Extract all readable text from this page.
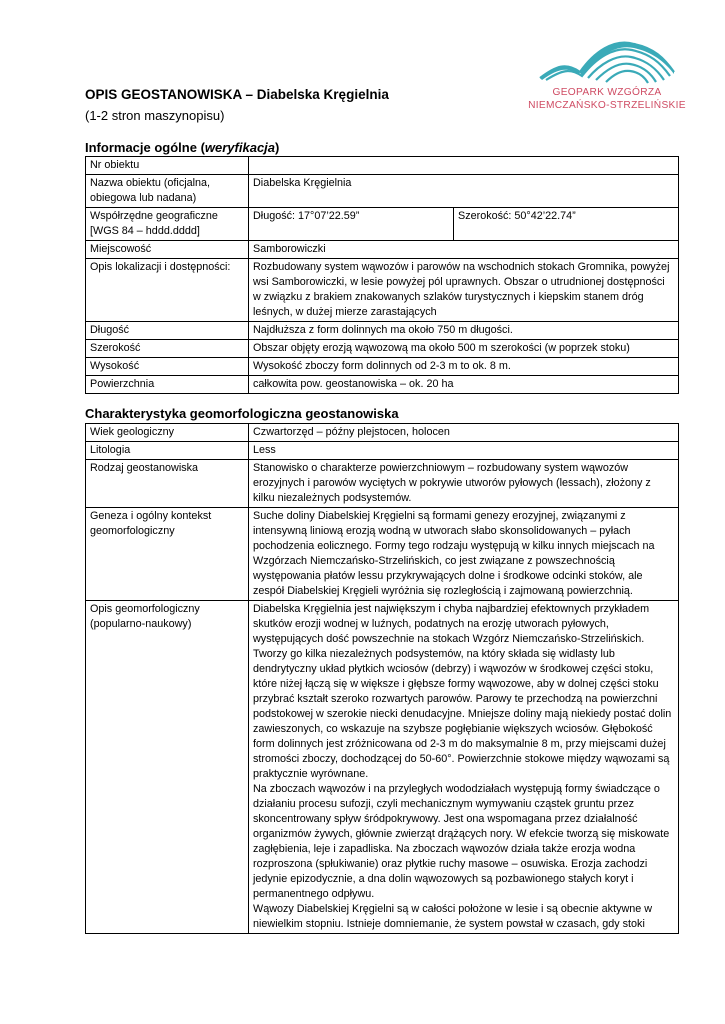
GEOPARK WZGÓRZA
NIEMCZAŃSKO-STRZELIŃSKIE
OPIS GEOSTANOWISKA – Diabelska Kręgielnia
(1-2 stron maszynopisu)
Informacje ogólne (weryfikacja)
Nr obiektu		
Nazwa obiektu (oficjalna, obiegowa lub nadana)	Diabelska Kręgielnia	
Współrzędne geograficzne [WGS 84 – hddd.dddd]	Długość: 17°07’22.59”	Szerokość: 50°42’22.74”
Miejscowość	Samborowiczki	
Opis lokalizacji i dostępności:	Rozbudowany system wąwozów i parowów na wschodnich stokach Gromnika, powyżej wsi Samborowiczki, w lesie powyżej pól uprawnych. Obszar o utrudnionej dostępności w związku z brakiem znakowanych szlaków turystycznych i kiepskim stanem dróg leśnych, w dużej mierze zarastających	
Długość	Najdłuższa z form dolinnych ma około 750 m długości.	
Szerokość	Obszar objęty erozją wąwozową ma około 500 m szerokości (w poprzek stoku)	
Wysokość	Wysokość zboczy form dolinnych od 2-3 m to ok. 8 m.	
Powierzchnia	całkowita pow. geostanowiska – ok. 20 ha	
Charakterystyka geomorfologiczna geostanowiska
Wiek geologiczny	Czwartorzęd – późny plejstocen, holocen
Litologia	Less
Rodzaj geostanowiska	Stanowisko o charakterze powierzchniowym – rozbudowany system wąwozów erozyjnych i parowów wyciętych w pokrywie utworów pyłowych (lessach), złożony z kilku niezależnych podsystemów.
Geneza i ogólny kontekst geomorfologiczny	Suche doliny Diabelskiej Kręgielni są formami genezy erozyjnej, związanymi z intensywną liniową erozją wodną w utworach słabo skonsolidowanych – pyłach pochodzenia eolicznego. Formy tego rodzaju występują w kilku innych miejscach na Wzgórzach Niemczańsko-Strzelińskich, co jest związane z powszechnością występowania płatów lessu przykrywających dolne i środkowe odcinki stoków, ale zespół Diabelskiej Kręgieli wyróżnia się rozległością i zajmowaną powierzchnią.
Opis geomorfologiczny (popularno-naukowy)	Diabelska Kręgielnia jest największym i chyba najbardziej efektownych przykładem skutków erozji wodnej w luźnych, podatnych na erozję utworach pyłowych, występujących dość powszechnie na stokach Wzgórz Niemczańsko-Strzelińskich. Tworzy go kilka niezależnych podsystemów, na który składa się widlasty lub dendrytyczny układ płytkich wciosów (debrzy) i wąwozów w środkowej części stoku, które niżej łączą się w większe i głębsze formy wąwozowe, aby w dolnej części stoku przybrać kształt szeroko rozwartych parowów. Parowy te przechodzą na powierzchni podstokowej w szerokie niecki denudacyjne. Mniejsze doliny mają niekiedy postać dolin zawieszonych, co wskazuje na szybsze pogłębianie większych wciosów. Głębokość form dolinnych jest zróżnicowana od 2-3 m do maksymalnie 8 m, przy miejscami dużej stromości zboczy, dochodzącej do 50-60°. Powierzchnie stokowe między wąwozami są praktycznie wyrównane.
Na zboczach wąwozów i na przyległych wododziałach występują formy świadczące o działaniu procesu sufozji, czyli mechanicznym wymywaniu cząstek gruntu przez skoncentrowany spływ śródpokrywowy. Jest ona wspomagana przez działalność organizmów żywych, głównie zwierząt drążących nory. W efekcie tworzą się miskowate zagłębienia, leje i zapadliska. Na zboczach wąwozów działa także erozja wodna rozproszona (spłukiwanie) oraz płytkie ruchy masowe – osuwiska. Erozja zachodzi jedynie epizodycznie, a dna dolin wąwozowych są pozbawionego stałych koryt i permanentnego odpływu.
Wąwozy Diabelskiej Kręgielni są w całości położone w lesie i są obecnie aktywne w niewielkim stopniu. Istnieje domniemanie, że system powstał w czasach, gdy stoki
